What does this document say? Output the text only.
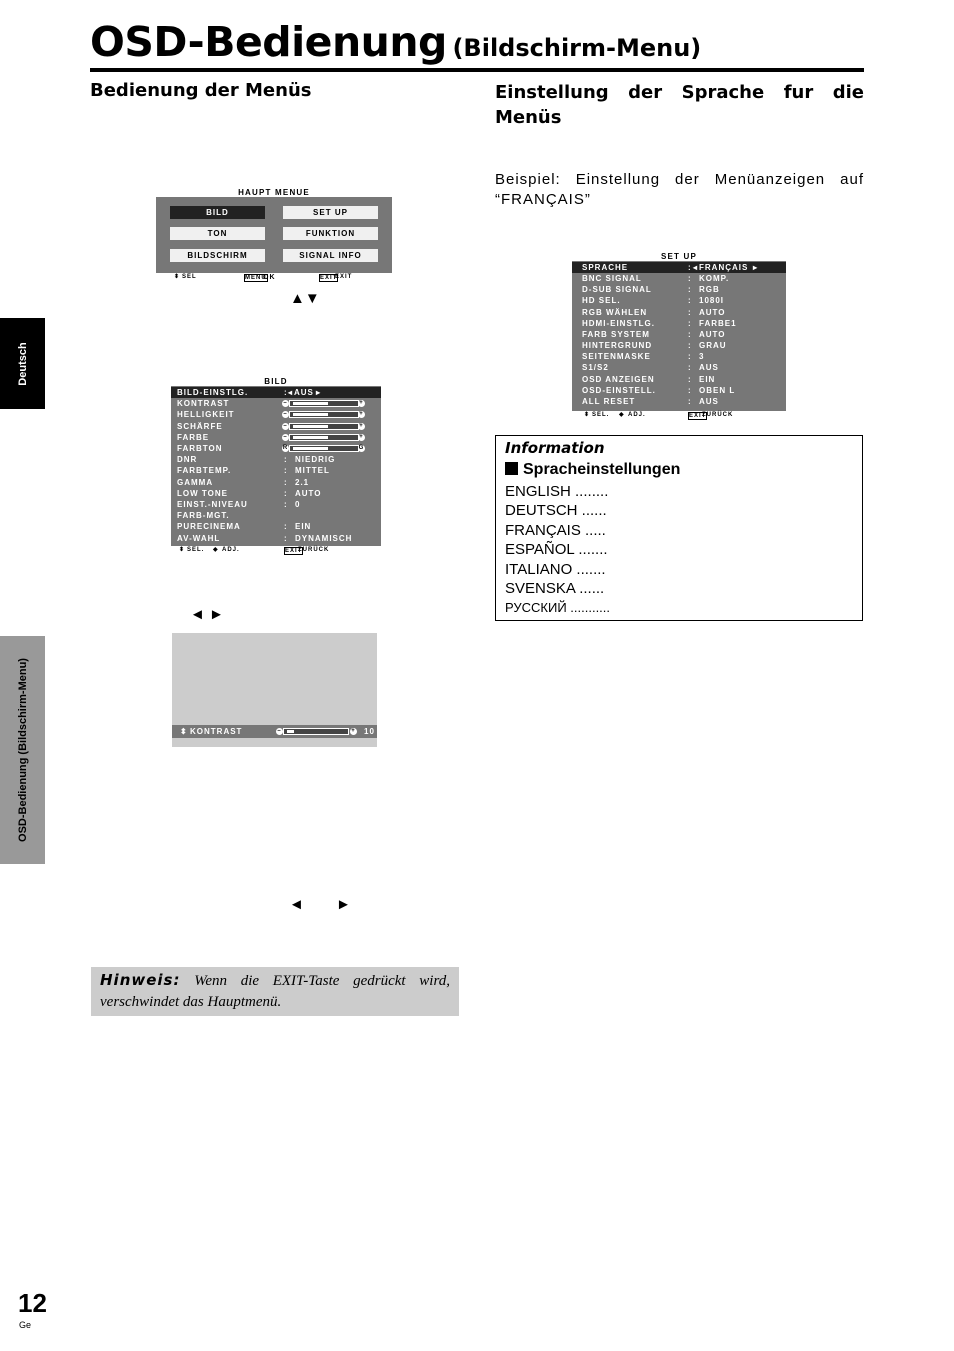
OSD-Bedienung (Bildschirm-Menu)
Bedienung der Menüs	Einstellung der Sprache fur die
Menüs
Deutsch
OSD-Bedienung (Bildschirm-Menu)
HAUPT MENUE
BILD	SET UP
TON	FUNKTION
BILDSCHIRM	SIGNAL INFO
⬍ SEL	MENU
OK	EXIT
EXIT
▲▼
BILD
BILD-EINSTLG.	: ◂ AUS ▸
KONTRAST	–	+
HELLIGKEIT	–	+
SCHÄRFE	–	+
FARBE	–	+
FARBTON	R	G
DNR	: NIEDRIG
FARBTEMP.	: MITTEL
GAMMA	: 2.1
LOW TONE	: AUTO
EINST.-NIVEAU	: 0
FARB-MGT.
PURECINEMA	: EIN
AV-WAHL	: DYNAMISCH
⬍ SEL. ◆ ADJ.	EXIT
ZURÜCK
◄ ►
⬍ KONTRAST	–	+ 10
◄ ►
Hinweis: Wenn die EXIT-Taste gedrückt wird, verschwindet das Hauptmenü.
Beispiel: Einstellung der Menüanzeigen auf
“FRANÇAIS”
SET UP
SPRACHE	: ◂ FRANÇAIS ▸
BNC SIGNAL	: KOMP.
D-SUB SIGNAL	: RGB
HD SEL.	: 1080I
RGB WÄHLEN	: AUTO
HDMI-EINSTLG.	: FARBE1
FARB SYSTEM	: AUTO
HINTERGRUND	: GRAU
SEITENMASKE	: 3
S1/S2	: AUS
OSD ANZEIGEN	: EIN
OSD-EINSTELL.	: OBEN L
ALL RESET	: AUS
⬍ SEL. ◆ ADJ.	EXIT
ZURÜCK
Information
Spracheinstellungen
ENGLISH ........
DEUTSCH ......
FRANÇAIS .....
ESPAÑOL .......
ITALIANO .......
SVENSKA ......
РУССКИЙ ...........
12
Ge
